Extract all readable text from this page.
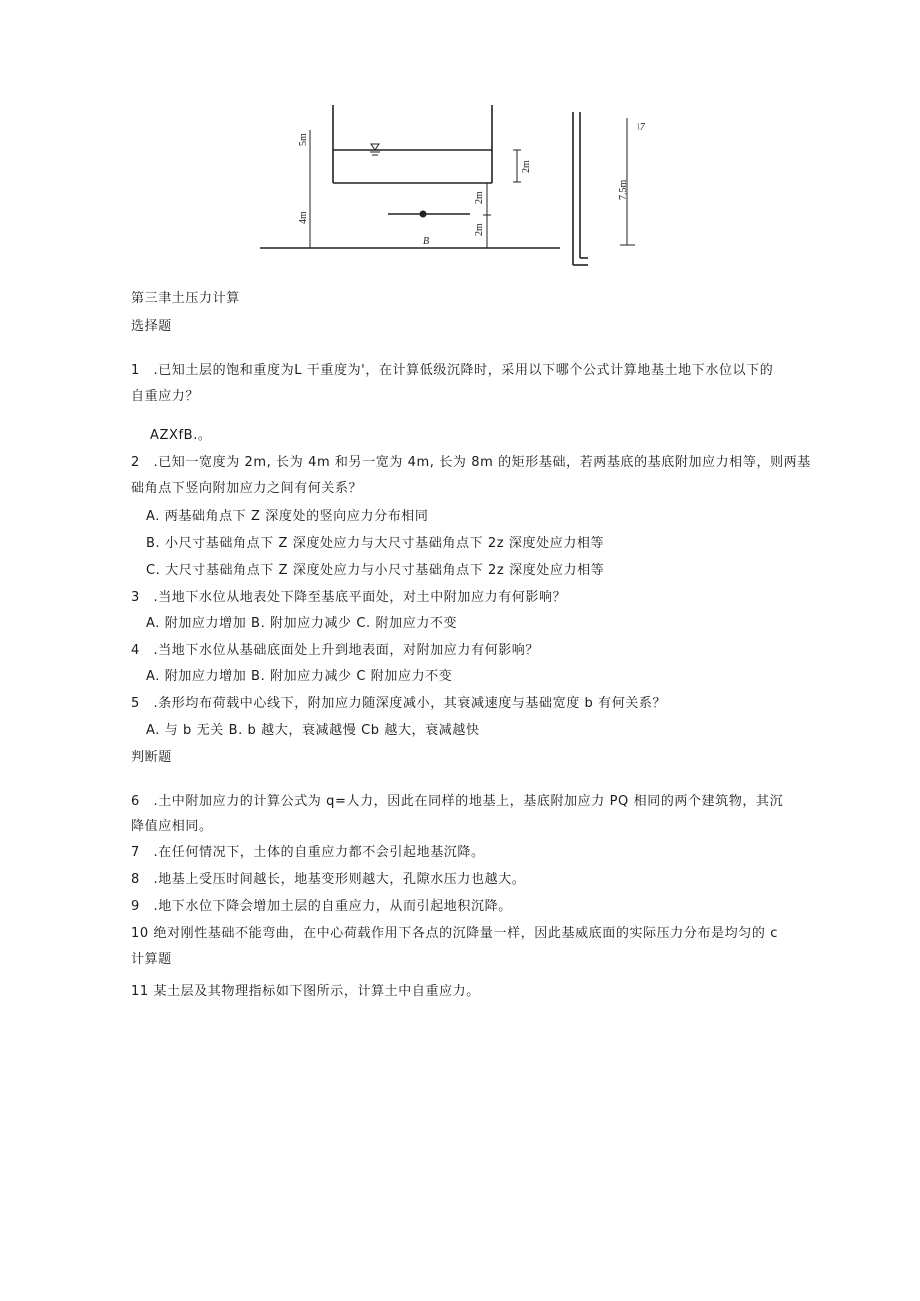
5m
4m
2m
2m
2m
7.5m
B
\7
第三聿土压力计算
选择题
1　.已知土层的饱和重度为L 干重度为'，在计算低级沉降时，采用以下哪个公式计算地基土地下水位以下的
自重应力？
AZXfB.。
2　.已知一宽度为 2m, 长为 4m 和另一宽为 4m, 长为 8m 的矩形基础，若两基底的基底附加应力相等，则两基
础角点下竖向附加应力之间有何关系？
A. 两基础角点下 Z 深度处的竖向应力分布相同
B. 小尺寸基础角点下 Z 深度处应力与大尺寸基础角点下 2z 深度处应力相等
C. 大尺寸基础角点下 Z 深度处应力与小尺寸基础角点下 2z 深度处应力相等
3　.当地下水位从地表处下降至基底平面处，对土中附加应力有何影响？
A. 附加应力增加 B. 附加应力减少 C. 附加应力不变
4　.当地下水位从基础底面处上升到地表面，对附加应力有何影响？
A. 附加应力增加 B. 附加应力减少 C 附加应力不变
5　.条形均布荷载中心线下，附加应力随深度减小，其衰减速度与基础宽度 b 有何关系？
A. 与 b 无关 B. b 越大，衰减越慢 Cb 越大，衰减越快
判断题
6　.土中附加应力的计算公式为 q=人力，因此在同样的地基上，基底附加应力 PQ 相同的两个建筑物，其沉
降值应相同。
7　.在任何情况下，土体的自重应力都不会引起地基沉降。
8　.地基上受压时间越长，地基变形则越大，孔隙水压力也越大。
9　.地下水位下降会增加土层的自重应力，从而引起地积沉降。
10 绝对刚性基础不能弯曲，在中心荷载作用下各点的沉降量一样，因此基威底面的实际压力分布是均匀的 c
计算题
11 某土层及其物理指标如下图所示，计算土中自重应力。
